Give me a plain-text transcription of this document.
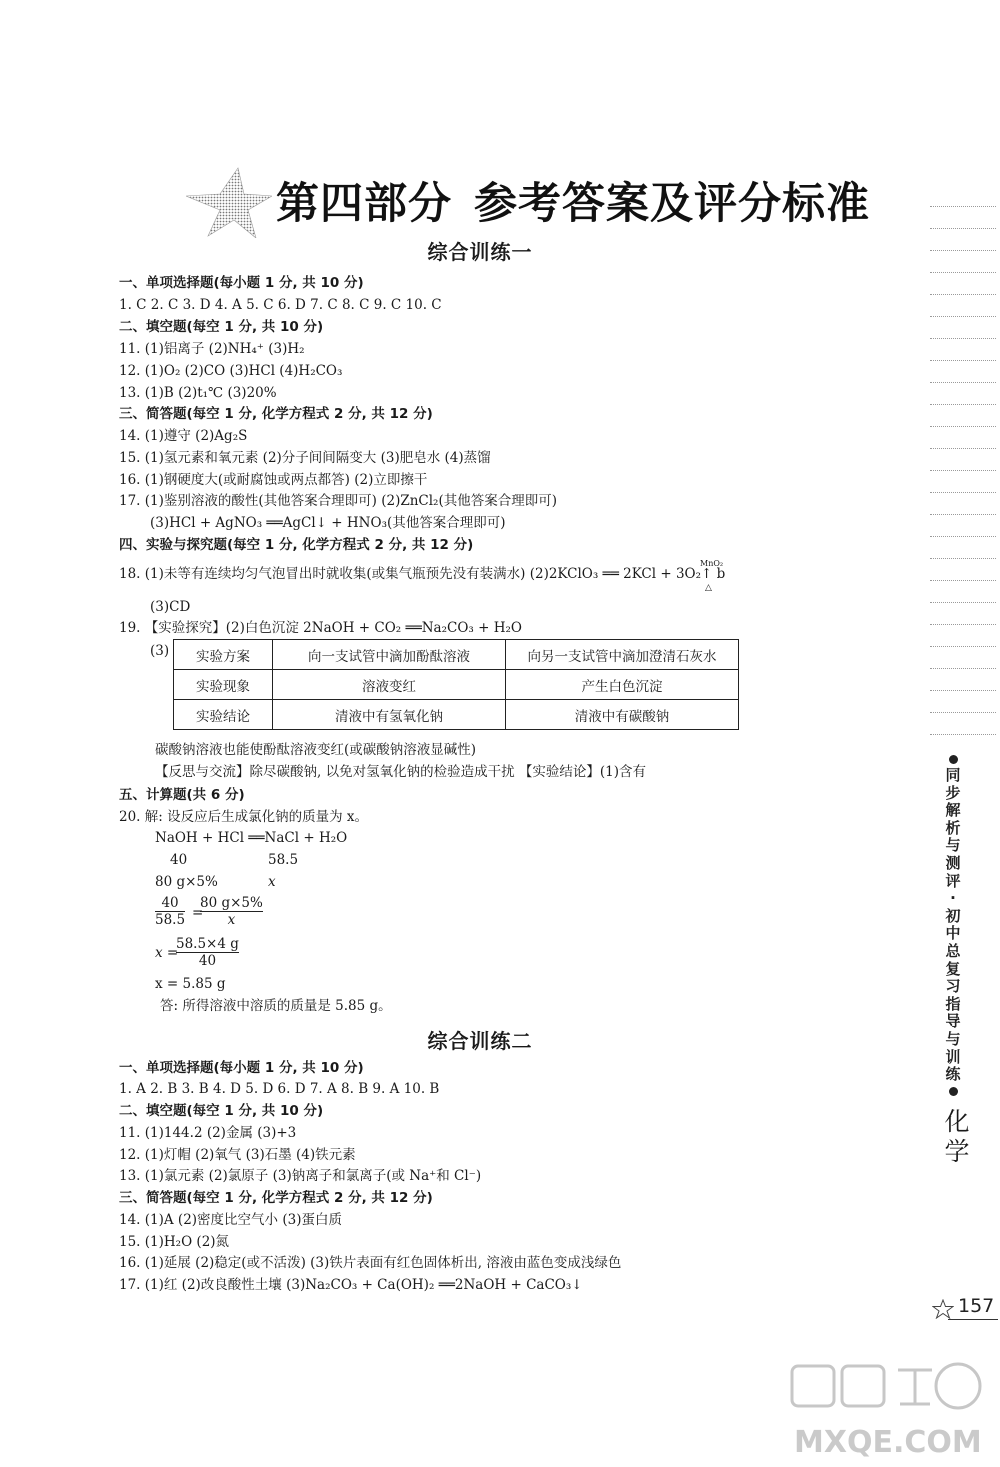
第四部分 参考答案及评分标准
综合训练一
一、单项选择题(每小题 1 分, 共 10 分)
1. C 2. C 3. D 4. A 5. C 6. D 7. C 8. C 9. C 10. C
二、填空题(每空 1 分, 共 10 分)
11. (1)铝离子 (2)NH₄⁺ (3)H₂
12. (1)O₂ (2)CO (3)HCl (4)H₂CO₃
13. (1)B (2)t₁℃ (3)20%
三、简答题(每空 1 分, 化学方程式 2 分, 共 12 分)
14. (1)遵守 (2)Ag₂S
15. (1)氢元素和氧元素 (2)分子间间隔变大 (3)肥皂水 (4)蒸馏
16. (1)钢硬度大(或耐腐蚀或两点都答) (2)立即擦干
17. (1)鉴别溶液的酸性(其他答案合理即可) (2)ZnCl₂(其他答案合理即可)
(3)HCl + AgNO₃ ══AgCl↓ + HNO₃(其他答案合理即可)
四、实验与探究题(每空 1 分, 化学方程式 2 分, 共 12 分)
18. (1)未等有连续均匀气泡冒出时就收集(或集气瓶预先没有装满水) (2)2KClO₃ ══ 2KCl + 3O₂↑ b
MnO₂
△
(3)CD
19. 【实验探究】(2)白色沉淀 2NaOH + CO₂ ══Na₂CO₃ + H₂O
(3) 实验方案	向一支试管中滴加酚酞溶液	向另一支试管中滴加澄清石灰水
实验现象	溶液变红	产生白色沉淀
实验结论	清液中有氢氧化钠	清液中有碳酸钠
碳酸钠溶液也能使酚酞溶液变红(或碳酸钠溶液显碱性)
【反思与交流】除尽碳酸钠, 以免对氢氧化钠的检验造成干扰 【实验结论】(1)含有
五、计算题(共 6 分)
20. 解: 设反应后生成氯化钠的质量为 x。
NaOH + HCl ══NaCl + H₂O
40	58.5
80 g×5%	x
$\frac{40}{58.5}$ =
$\frac{80 g\times 5\%}{x}$
x =
$\frac{58.5\times 4 g}{40}$
x = 5.85 g
答: 所得溶液中溶质的质量是 5.85 g。
综合训练二
一、单项选择题(每小题 1 分, 共 10 分)
1. A 2. B 3. B 4. D 5. D 6. D 7. A 8. B 9. A 10. B
二、填空题(每空 1 分, 共 10 分)
11. (1)144.2 (2)金属 (3)+3
12. (1)灯帽 (2)氧气 (3)石墨 (4)铁元素
13. (1)氯元素 (2)氯原子 (3)钠离子和氯离子(或 Na⁺和 Cl⁻)
三、简答题(每空 1 分, 化学方程式 2 分, 共 12 分)
14. (1)A (2)密度比空气小 (3)蛋白质
15. (1)H₂O (2)氮
16. (1)延展 (2)稳定(或不活泼) (3)铁片表面有红色固体析出, 溶液由蓝色变成浅绿色
17. (1)红 (2)改良酸性土壤 (3)Na₂CO₃ + Ca(OH)₂ ══2NaOH + CaCO₃↓
同
步
解
析
与
测
评
·
初
中
总
复
习
指
导
与
训
练
化
学
157
MXQE.COM
